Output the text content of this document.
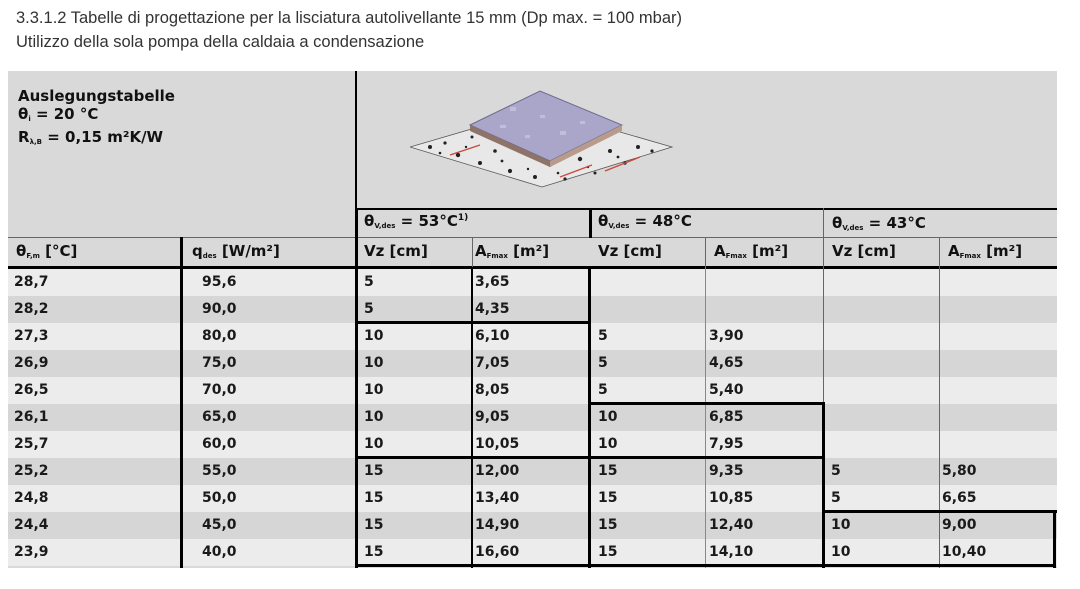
3.3.1.2 Tabelle di progettazione per la lisciatura autolivellante 15 mm (Dp max. = 100 mbar)
Utilizzo della sola pompa della caldaia a condensazione
Auslegungstabelle
$\theta_i = 20$ °C
$R_{\lambda,B} = 0,15$ m²K/W
$\theta_{V,des} = 53^\circ C^{1)}$	$\theta_{V,des} = 48^\circ C$	$\theta_{V,des} = 43^\circ C$
$\theta_{F,m}$ [°C]	$q_{des}$ [W/m²]	Vz [cm]	$A_{Fmax}$ [m²]	Vz [cm]	$A_{Fmax}$ [m²]	Vz [cm]	$A_{Fmax}$ [m²]
28,7	95,6	5	3,65
28,2	90,0	5	4,35
27,3	80,0	10	6,10	5	3,90
26,9	75,0	10	7,05	5	4,65
26,5	70,0	10	8,05	5	5,40
26,1	65,0	10	9,05	10	6,85
25,7	60,0	10	10,05	10	7,95
25,2	55,0	15	12,00	15	9,35	5	5,80
24,8	50,0	15	13,40	15	10,85	5	6,65
24,4	45,0	15	14,90	15	12,40	10	9,00
23,9	40,0	15	16,60	15	14,10	10	10,40
